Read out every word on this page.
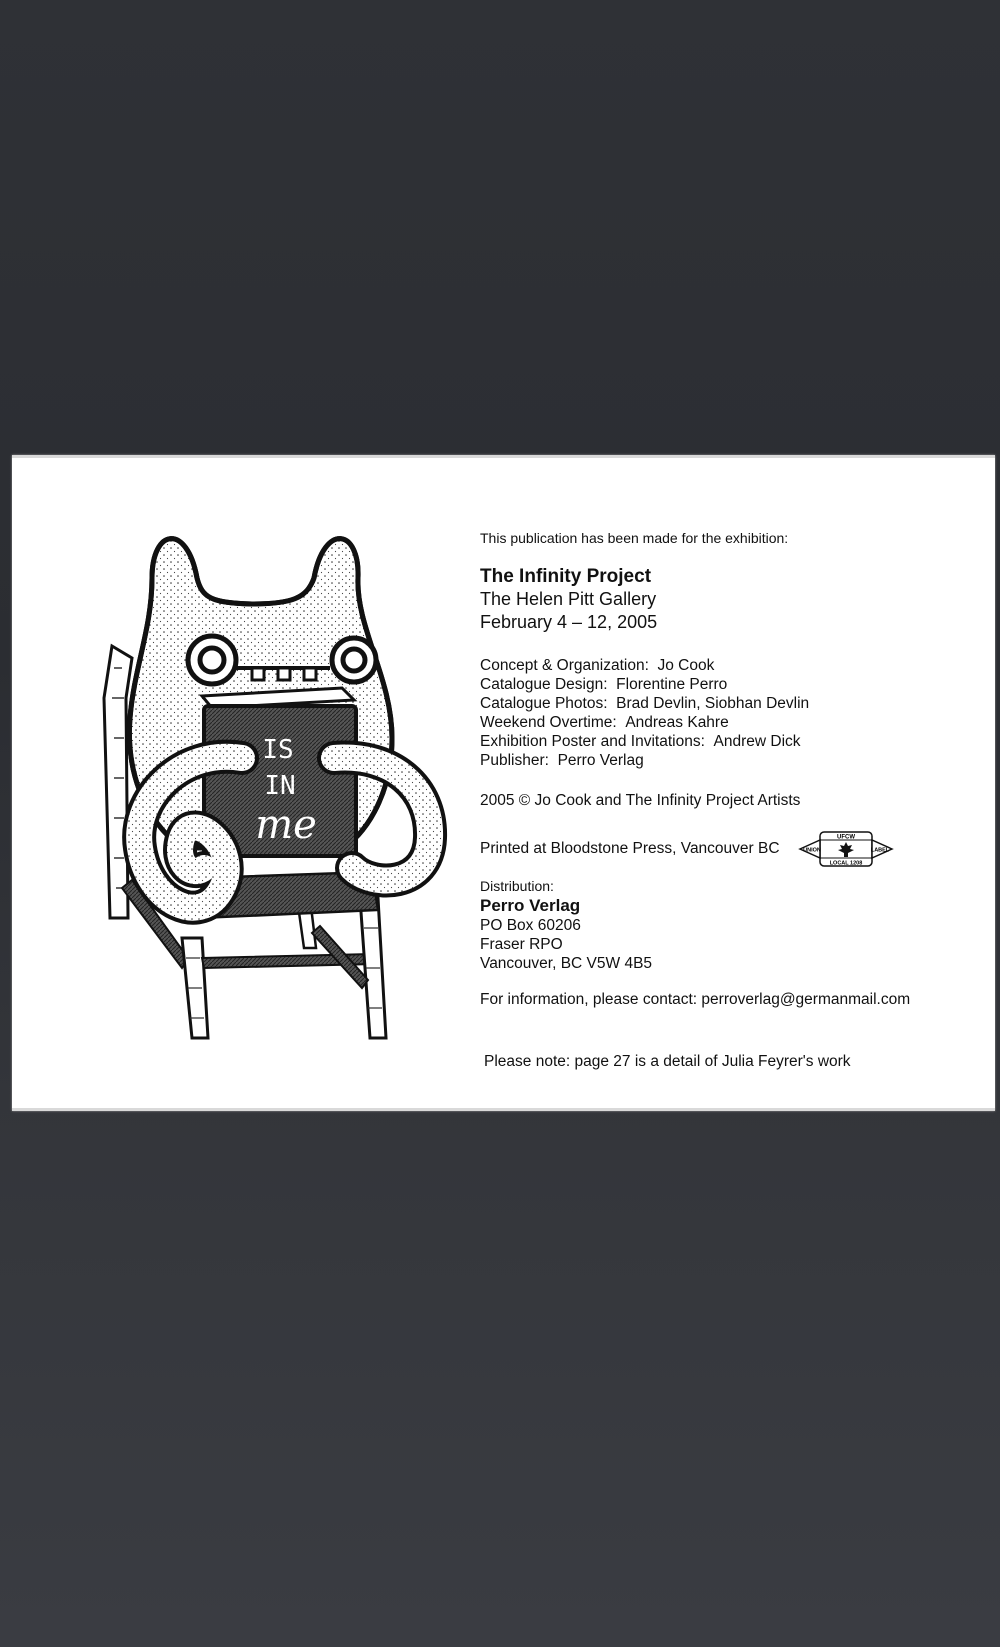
IS
IN
me
This publication has been made for the exhibition:
The Infinity Project
The Helen Pitt Gallery
February 4 – 12, 2005
Concept & Organization: Jo Cook
Catalogue Design: Florentine Perro
Catalogue Photos: Brad Devlin, Siobhan Devlin
Weekend Overtime: Andreas Kahre
Exhibition Poster and Invitations: Andrew Dick
Publisher: Perro Verlag
2005 © Jo Cook and The Infinity Project Artists
Printed at Bloodstone Press, Vancouver BC
UFCW
UNION	LABEL
LOCAL 1208
Distribution:
Perro Verlag
PO Box 60206
Fraser RPO
Vancouver, BC V5W 4B5
For information, please contact: perroverlag@germanmail.com
Please note: page 27 is a detail of Julia Feyrer's work
